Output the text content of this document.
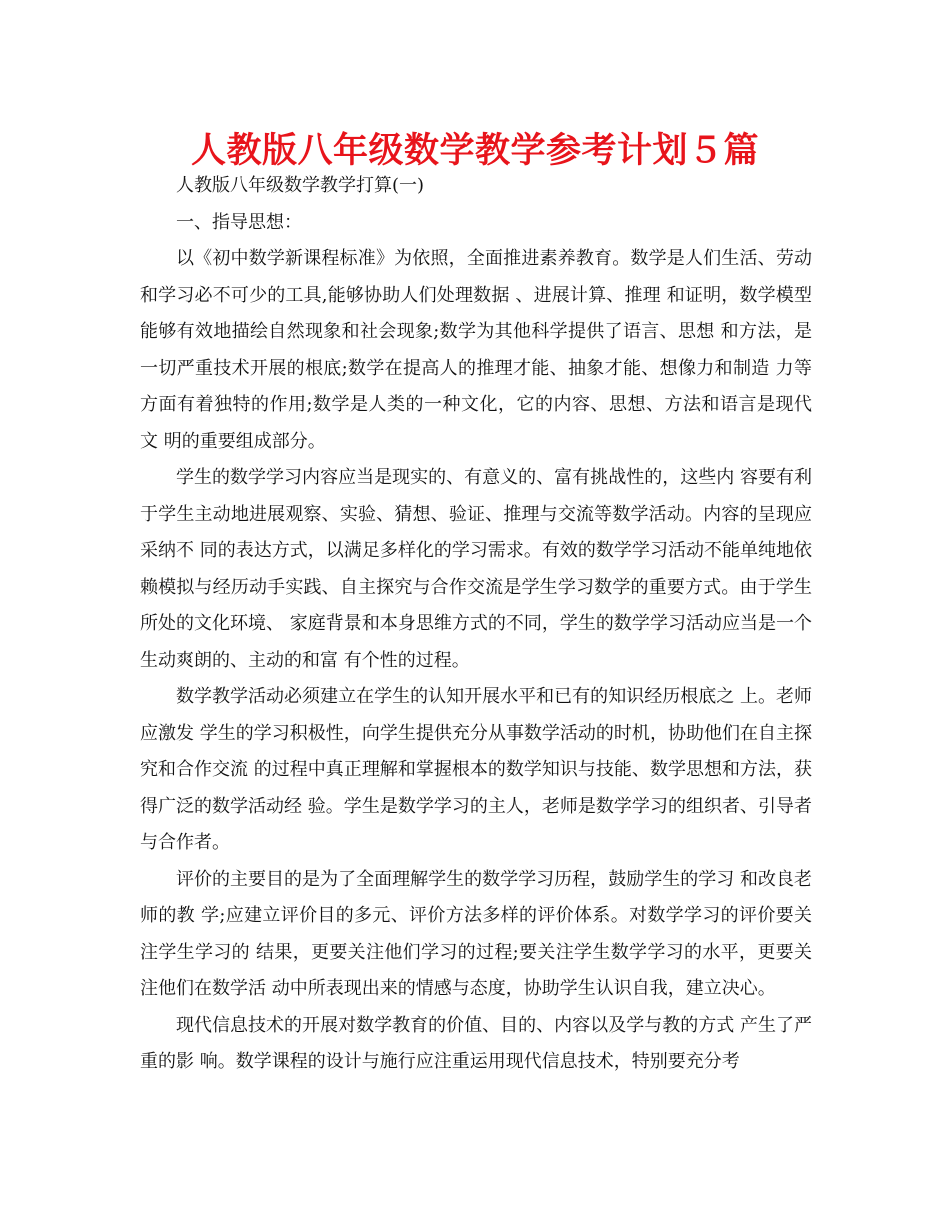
人教版八年级数学教学参考计划５篇

人教版八年级数学教学打算(一)

一、指导思想：

以《初中数学新课程标准》为依照，全面推进素养教育。数学是人们生活、劳动和学习必不可少的工具,能够协助人们处理数据 、进展计算、推理 和证明，数学模型能够有效地描绘自然现象和社会现象;数学为其他科学提供了语言、思想 和方法，是一切严重技术开展的根底;数学在提高人的推理才能、抽象才能、想像力和制造 力等方面有着独特的作用;数学是人类的一种文化，它的内容、思想、方法和语言是现代文 明的重要组成部分。

学生的数学学习内容应当是现实的、有意义的、富有挑战性的，这些内 容要有利 于学生主动地进展观察、实验、猜想、验证、推理与交流等数学活动。内容的呈现应采纳不 同的表达方式，以满足多样化的学习需求。有效的数学学习活动不能单纯地依赖模拟与经历动手实践、自主探究与合作交流是学生学习数学的重要方式。由于学生所处的文化环境、 家庭背景和本身思维方式的不同，学生的数学学习活动应当是一个生动爽朗的、主动的和富 有个性的过程。

数学教学活动必须建立在学生的认知开展水平和已有的知识经历根底之 上。老师应激发 学生的学习积极性，向学生提供充分从事数学活动的时机，协助他们在自主探究和合作交流 的过程中真正理解和掌握根本的数学知识与技能、数学思想和方法，获得广泛的数学活动经 验。学生是数学学习的主人，老师是数学学习的组织者、引导者与合作者。

评价的主要目的是为了全面理解学生的数学学习历程，鼓励学生的学习 和改良老师的教 学;应建立评价目的多元、评价方法多样的评价体系。对数学学习的评价要关注学生学习的 结果，更要关注他们学习的过程;要关注学生数学学习的水平，更要关注他们在数学活 动中所表现出来的情感与态度，协助学生认识自我，建立决心。

现代信息技术的开展对数学教育的价值、目的、内容以及学与教的方式 产生了严重的影 响。数学课程的设计与施行应注重运用现代信息技术，特别要充分考
